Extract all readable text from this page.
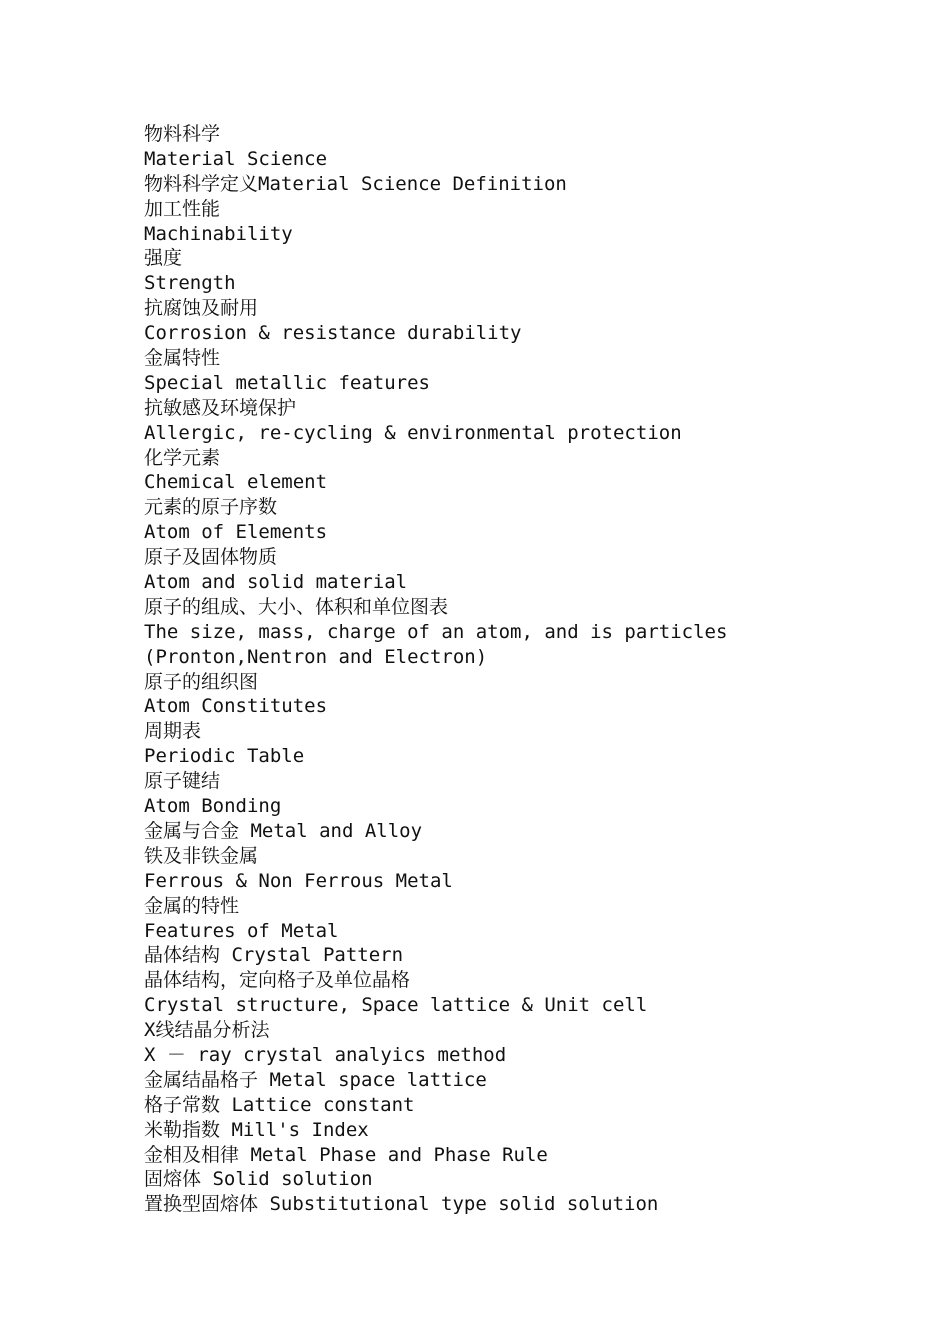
物料科学
Material Science
物料科学定义Material Science Definition
加工性能
Machinability
强度
Strength
抗腐蚀及耐用
Corrosion & resistance durability
金属特性
Special metallic features
抗敏感及环境保护
Allergic, re-cycling & environmental protection
化学元素
Chemical element
元素的原子序数
Atom of Elements
原子及固体物质
Atom and solid material
原子的组成、大小、体积和单位图表
The size, mass, charge of an atom, and is particles
(Pronton,Nentron and Electron)
原子的组织图
Atom Constitutes
周期表
Periodic Table
原子键结
Atom Bonding
金属与合金 Metal and Alloy
铁及非铁金属
Ferrous & Non Ferrous Metal
金属的特性
Features of Metal
晶体结构 Crystal Pattern
晶体结构，定向格子及单位晶格
Crystal structure, Space lattice & Unit cell
X线结晶分析法
X － ray crystal analyics method
金属结晶格子 Metal space lattice
格子常数 Lattice constant
米勒指数 Mill's Index
金相及相律 Metal Phase and Phase Rule
固熔体 Solid solution
置换型固熔体 Substitutional type solid solution
